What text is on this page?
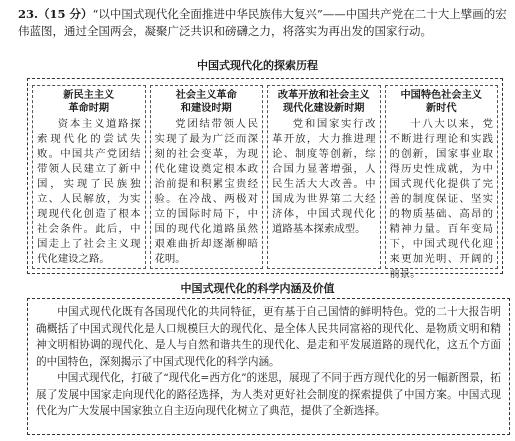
23.（15 分）“以中国式现代化全面推进中华民族伟大复兴”——中国共产党在二十大上擘画的宏伟蓝图，通过全国两会，凝聚广泛共识和磅礴之力，将落实为再出发的国家行动。

中国式现代化的探索历程

新民主主义
革命时期

资本主义道路探索现代化的尝试失败。中国共产党团结带领人民建立了新中国，实现了民族独立、人民解放，为实现现代化创造了根本社会条件。此后，中国走上了社会主义现代化建设之路。

社会主义革命
和建设时期

党团结带领人民实现了最为广泛而深刻的社会变革，为现代化建设奠定根本政治前提和积累宝贵经验。在冷战、两极对立的国际时局下，中国的现代化道路虽然艰难曲折却逐渐柳暗花明。

改革开放和社会主义
现代化建设新时期

党和国家实行改革开放，大力推进理论、制度等创新，综合国力显著增强，人民生活大大改善。中国成为世界第二大经济体，中国式现代化道路基本探索成型。

中国特色社会主义
新时代

十八大以来，党不断进行理论和实践的创新，国家事业取得历史性成就，为中国式现代化提供了完善的制度保证、坚实的物质基础、高昂的精神力量。百年变局下，中国式现代化迎来更加光明、开阔的前景。

中国式现代化的科学内涵及价值

中国式现代化既有各国现代化的共同特征，更有基于自己国情的鲜明特色。党的二十大报告明确概括了中国式现代化是人口规模巨大的现代化、是全体人民共同富裕的现代化、是物质文明和精神文明相协调的现代化、是人与自然和谐共生的现代化、是走和平发展道路的现代化，这五个方面的中国特色，深刻揭示了中国式现代化的科学内涵。

中国式现代化，打破了“现代化=西方化”的迷思，展现了不同于西方现代化的另一幅新图景，拓展了发展中国家走向现代化的路径选择，为人类对更好社会制度的探索提供了中国方案。中国式现代化为广大发展中国家独立自主迈向现代化树立了典范，提供了全新选择。
